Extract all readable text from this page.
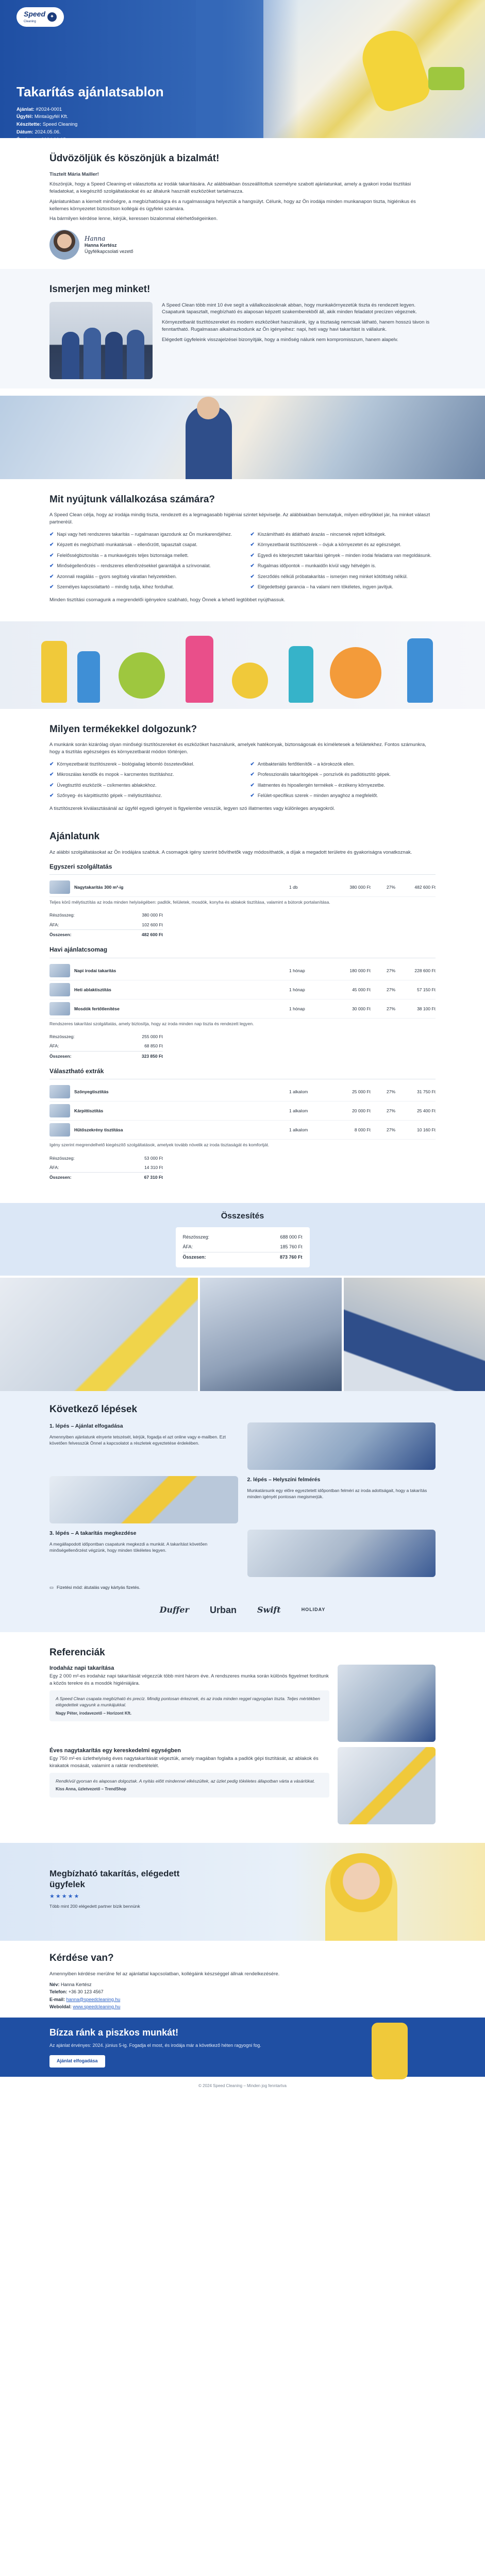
Speed
Cleaning
✦
Takarítás ajánlatsablon
Ajánlat: #2024-0001
Ügyfél: Mintaügyfél Kft.
Készítette: Speed Cleaning
Dátum: 2024.05.06.
Érvényes: 2024.06.05.
Kapcsolat: speed@speedcleaning.hu
Üdvözöljük és köszönjük a bizalmát!

Tisztelt Mária Mailler!

Köszönjük, hogy a Speed Cleaning-et választotta az irodák takarítására. Az alábbiakban összeállítottuk személyre szabott ajánlatunkat, amely a gyakori irodai tisztítási feladatokat, a kiegészítő szolgáltatásokat és az általunk használt eszközöket tartalmazza.

Ajánlatunkban a kiemelt minőségre, a megbízhatóságra és a rugalmasságra helyeztük a hangsúlyt. Célunk, hogy az Ön irodája minden munkanapon tiszta, higiénikus és kellemes környezetet biztosítson kollégái és ügyfelei számára.

Ha bármilyen kérdése lenne, kérjük, keressen bizalommal elérhetőségeinken.

Hanna
Hanna Kertész
Ügyfélkapcsolati vezető
Ismerjen meg minket!

A Speed Clean több mint 10 éve segít a vállalkozásoknak abban, hogy munkakörnyezetük tiszta és rendezett legyen. Csapatunk tapasztalt, megbízható és alaposan képzett szakemberekből áll, akik minden feladatot precízen végeznek.

Környezetbarát tisztítószereket és modern eszközöket használunk, így a tisztaság nemcsak látható, hanem hosszú távon is fenntartható. Rugalmasan alkalmazkodunk az Ön igényeihez: napi, heti vagy havi takarítást is vállalunk.

Elégedett ügyfeleink visszajelzései bizonyítják, hogy a minőség nálunk nem kompromisszum, hanem alapelv.

Mit nyújtunk vállalkozása számára?

A Speed Clean célja, hogy az irodája mindig tiszta, rendezett és a legmagasabb higiéniai szintet képviselje. Az alábbiakban bemutatjuk, milyen előnyökkel jár, ha minket választ partneréül.

✔ Napi vagy heti rendszeres takarítás – rugalmasan igazodunk az Ön munkarendjéhez.	✔ Kiszámítható és átlátható árazás – nincsenek rejtett költségek.
✔ Képzett és megbízható munkatársak – ellenőrzött, tapasztalt csapat.	✔ Környezetbarát tisztítószerek – óvjuk a környezetet és az egészséget.
✔ Felelősségbiztosítás – a munkavégzés teljes biztonsága mellett.	✔ Egyedi és kiterjesztett takarítási igények – minden irodai feladatra van megoldásunk.
✔ Minőségellenőrzés – rendszeres ellenőrzésekkel garantáljuk a színvonalat.	✔ Rugalmas időpontok – munkaidőn kívül vagy hétvégén is.
✔ Azonnali reagálás – gyors segítség váratlan helyzetekben.	✔ Szerződés nélküli próbatakarítás – ismerjen meg minket kötöttség nélkül.
✔ Személyes kapcsolattartó – mindig tudja, kihez fordulhat.	✔ Elégedettségi garancia – ha valami nem tökéletes, ingyen javítjuk.

Minden tisztítási csomagunk a megrendelői igényekre szabható, hogy Önnek a lehető legtöbbet nyújthassuk.

Milyen termékekkel dolgozunk?

A munkánk során kizárólag olyan minőségi tisztítószereket és eszközöket használunk, amelyek hatékonyak, biztonságosak és kíméletesek a felületekhez. Fontos számunkra, hogy a tisztítás egészséges és környezetbarát módon történjen.

✔ Környezetbarát tisztítószerek – biológiailag lebomló összetevőkkel.	✔ Antibakteriális fertőtlenítők – a kórokozók ellen.
✔ Mikroszálas kendők és mopok – karcmentes tisztításhoz.	✔ Professzionális takarítógépek – porszívók és padlótisztító gépek.
✔ Üvegtisztító eszközök – csíkmentes ablakokhoz.	✔ Illatmentes és hipoallergén termékek – érzékeny környezetbe.
✔ Szőnyeg- és kárpittisztító gépek – mélytisztításhoz.	✔ Felület-specifikus szerek – minden anyaghoz a megfelelőt.

A tisztítószerek kiválasztásánál az ügyfél egyedi igényeit is figyelembe vesszük, legyen szó illatmentes vagy különleges anyagokról.

Ajánlatunk

Az alábbi szolgáltatásokat az Ön irodájára szabtuk. A csomagok igény szerint bővíthetők vagy módosíthatók, a díjak a megadott területre és gyakoriságra vonatkoznak.

Egyszeri szolgáltatás
Nagytakarítás 300 m²-ig	1 db	380 000 Ft	27%	482 600 Ft
Teljes körű mélytisztítás az iroda minden helyiségében: padlók, felületek, mosdók, konyha és ablakok tisztítása, valamint a bútorok portalanítása.
Részösszeg:	380 000 Ft
ÁFA:	102 600 Ft
Összesen:	482 600 Ft
Havi ajánlatcsomag
Napi irodai takarítás	1 hónap	180 000 Ft	27%	228 600 Ft
Heti ablaktisztítás	1 hónap	45 000 Ft	27%	57 150 Ft
Mosdók fertőtlenítése	1 hónap	30 000 Ft	27%	38 100 Ft
Rendszeres takarítási szolgáltatás, amely biztosítja, hogy az iroda minden nap tiszta és rendezett legyen.
Részösszeg:	255 000 Ft
ÁFA:	68 850 Ft
Összesen:	323 850 Ft
Választható extrák
Szőnyegtisztítás	1 alkalom	25 000 Ft	27%	31 750 Ft
Kárpittisztítás	1 alkalom	20 000 Ft	27%	25 400 Ft
Hűtőszekrény tisztítása	1 alkalom	8 000 Ft	27%	10 160 Ft
Igény szerint megrendelhető kiegészítő szolgáltatások, amelyek tovább növelik az iroda tisztaságát és komfortját.
Részösszeg:	53 000 Ft
ÁFA:	14 310 Ft
Összesen:	67 310 Ft
Összesítés
Részösszeg:	688 000 Ft
ÁFA:	185 760 Ft
Összesen:	873 760 Ft
Következő lépések
1. lépés – Ajánlat elfogadása

Amennyiben ajánlatunk elnyerte tetszését, kérjük, fogadja el azt online vagy e-mailben. Ezt követően felvesszük Önnel a kapcsolatot a részletek egyeztetése érdekében.

2. lépés – Helyszíni felmérés

Munkatársunk egy előre egyeztetett időpontban felméri az iroda adottságait, hogy a takarítás minden igényét pontosan megismerjük.

3. lépés – A takarítás megkezdése

A megállapodott időpontban csapatunk megkezdi a munkát. A takarítást követően minőségellenőrzést végzünk, hogy minden tökéletes legyen.

▭ Fizetési mód: átutalás vagy kártyás fizetés.
Duffer Urban	Swift	HOLIDAY
Referenciák
Irodaház napi takarítása

Egy 2 000 m²-es irodaház napi takarítását végezzük több mint három éve. A rendszeres munka során különös figyelmet fordítunk a közös terekre és a mosdók higiéniájára.

A Speed Clean csapata megbízható és precíz. Mindig pontosan érkeznek, és az iroda minden reggel ragyogóan tiszta. Teljes mértékben elégedettek vagyunk a munkájukkal.
Nagy Péter, irodavezető – Horizont Kft.
Éves nagytakarítás egy kereskedelmi egységben

Egy 750 m²-es üzlethelyiség éves nagytakarítását végeztük, amely magában foglalta a padlók gépi tisztítását, az ablakok és kirakatok mosását, valamint a raktár rendbetételét.

Rendkívül gyorsan és alaposan dolgoztak. A nyitás előtt mindennel elkészültek, az üzlet pedig tökéletes állapotban várta a vásárlókat.
Kiss Anna, üzletvezető – TrendShop
Megbízható takarítás, elégedett ügyfelek
★★★★★
Több mint 200 elégedett partner bízik bennünk
Kérdése van?

Amennyiben kérdése merülne fel az ajánlattal kapcsolatban, kollégáink készséggel állnak rendelkezésére.

Név: Hanna Kertész
Telefon: +36 30 123 4567
E-mail: hanna@speedcleaning.hu
Weboldal: www.speedcleaning.hu
Bízza ránk a piszkos munkát!

Az ajánlat érvényes: 2024. június 5-ig. Fogadja el most, és irodája már a következő héten ragyogni fog.

Ajánlat elfogadása
© 2024 Speed Cleaning – Minden jog fenntartva
